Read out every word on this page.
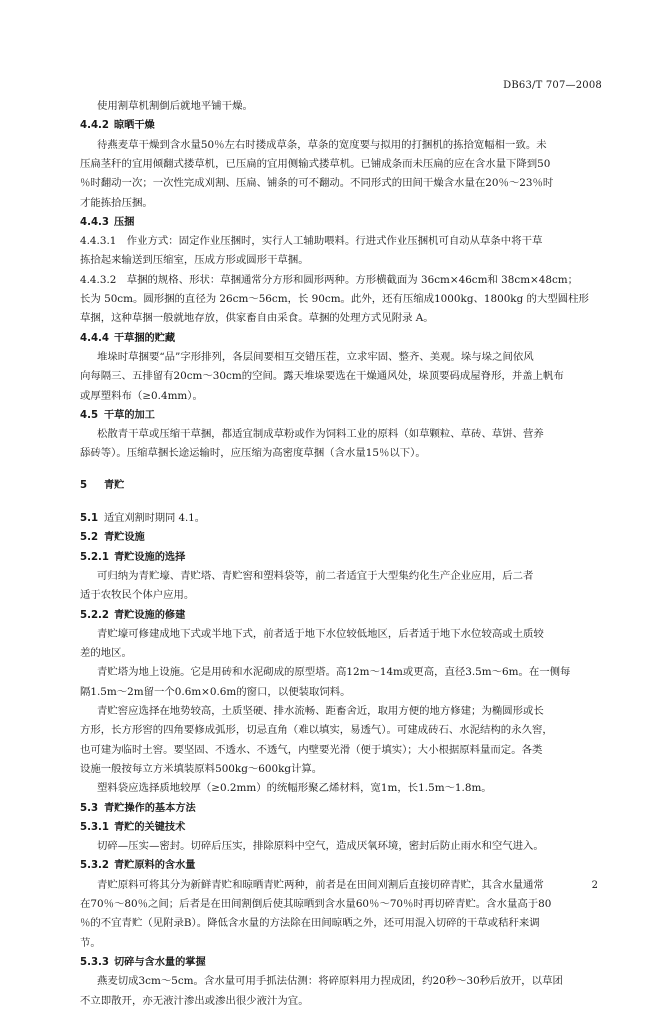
DB63/T 707—2008
使用割草机割倒后就地平铺干燥。
4.4.2 晾晒干燥
待燕麦草干燥到含水量50％左右时搂成草条，草条的宽度要与拟用的打捆机的拣拾宽幅相一致。未
压扁茎秆的宜用倾翻式搂草机，已压扁的宜用侧输式搂草机。已铺成条而未压扁的应在含水量下降到50
％时翻动一次；一次性完成刈割、压扁、铺条的可不翻动。不同形式的田间干燥含水量在20％～23％时
才能拣拾压捆。
4.4.3 压捆
4.4.3.1　作业方式：固定作业压捆时，实行人工辅助喂料。行进式作业压捆机可自动从草条中将干草
拣拾起来输送到压缩室，压成方形或圆形干草捆。
4.4.3.2　草捆的规格、形状：草捆通常分方形和圆形两种。方形横截面为 36cm×46cm和 38cm×48cm；
长为 50cm。圆形捆的直径为 26cm～56cm，长 90cm。此外，还有压缩成1000kg、1800kg 的大型圆柱形
草捆，这种草捆一般就地存放，供家畜自由采食。草捆的处理方式见附录 A。
4.4.4 干草捆的贮藏
堆垛时草捆要“品”字形排列，各层间要相互交错压茬，立求牢固、整齐、美观。垛与垛之间依风
向每隔三、五排留有20cm～30cm的空间。露天堆垛要选在干燥通风处，垛顶要码成屋脊形，并盖上帆布
或厚塑料布（≥0.4mm）。
4.5 干草的加工
松散青干草或压缩干草捆，都适宜制成草粉或作为饲料工业的原料（如草颗粒、草砖、草饼、营养
舔砖等）。压缩草捆长途运输时，应压缩为高密度草捆（含水量15％以下）。
5 青贮
5.1 适宜刈割时期同 4.1。
5.2 青贮设施
5.2.1 青贮设施的选择
可归纳为青贮壕、青贮塔、青贮窖和塑料袋等，前二者适宜于大型集约化生产企业应用，后二者
适于农牧民个体户应用。
5.2.2 青贮设施的修建
青贮壕可修建成地下式或半地下式，前者适于地下水位较低地区，后者适于地下水位较高或土质较
差的地区。
青贮塔为地上设施。它是用砖和水泥砌成的原型塔。高12m～14m或更高，直径3.5m～6m。在一侧每
隔1.5m～2m留一个0.6m×0.6m的窗口，以便装取饲料。
青贮窖应选择在地势较高，土质坚硬、排水流畅、距畜舍近，取用方便的地方修建；为椭圆形或长
方形，长方形窖的四角要修成弧形，切忌直角（难以填实，易透气）。可建成砖石、水泥结构的永久窖，
也可建为临时土窖。要坚固、不透水、不透气，内壁要光滑（便于填实）；大小根据原料量而定。各类
设施一般按每立方米填装原料500kg～600kg计算。
塑料袋应选择质地较厚（≥0.2mm）的统幅形聚乙烯材料，宽1m，长1.5m～1.8m。
5.3 青贮操作的基本方法
5.3.1 青贮的关键技术
切碎—压实—密封。切碎后压实，排除原料中空气，造成厌氧环境，密封后防止雨水和空气进入。
5.3.2 青贮原料的含水量
青贮原料可将其分为新鲜青贮和晾晒青贮两种，前者是在田间刈割后直接切碎青贮，其含水量通常
在70％～80％之间；后者是在田间割倒后使其晾晒到含水量60％～70％时再切碎青贮。含水量高于80
％的不宜青贮（见附录B）。降低含水量的方法除在田间晾晒之外，还可用混入切碎的干草或秸秆来调
节。
5.3.3 切碎与含水量的掌握
燕麦切成3cm～5cm。含水量可用手抓法估测：将碎原料用力捏成团，约20秒～30秒后放开，以草团
不立即散开，亦无液汁渗出或渗出很少液汁为宜。
2
